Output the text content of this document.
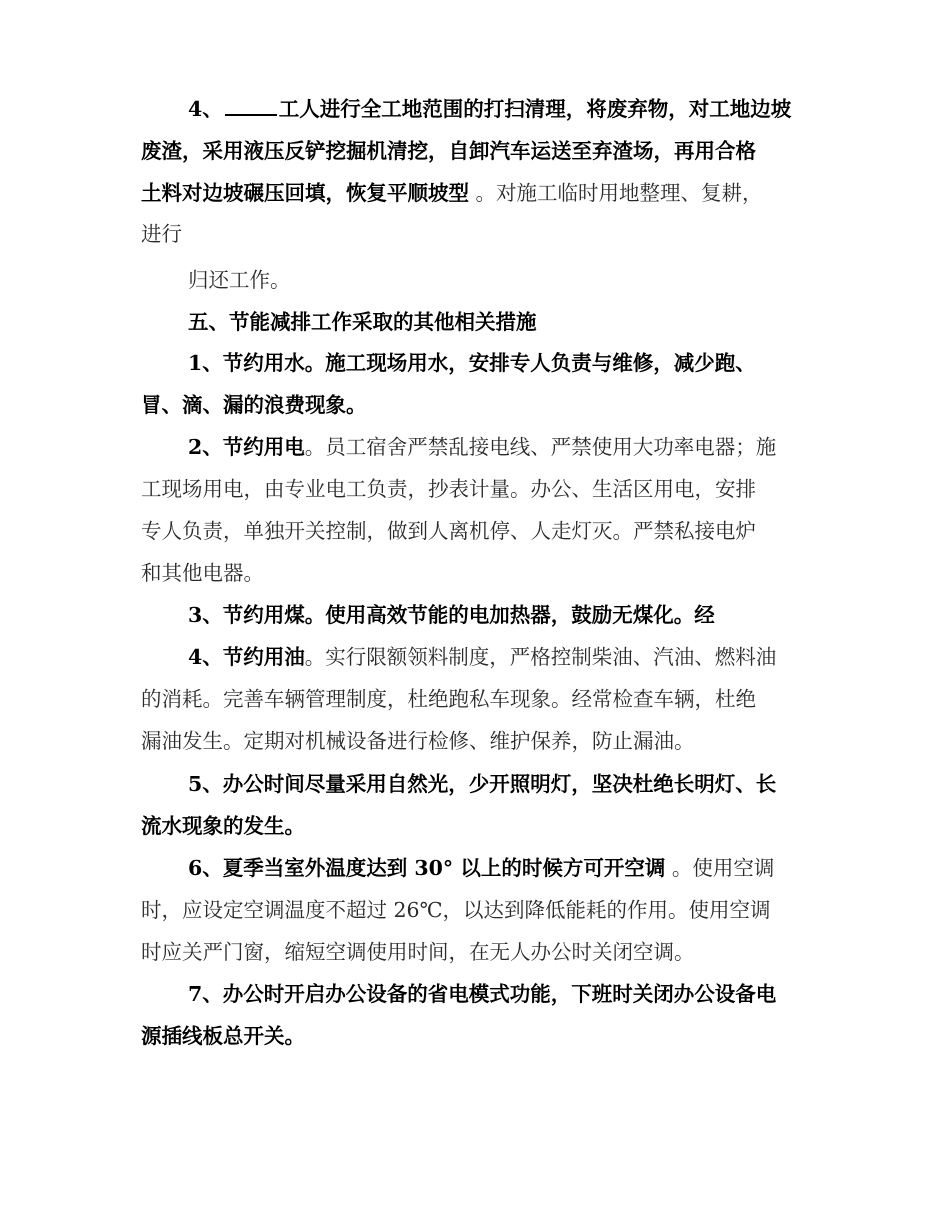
4、	工人进行全工地范围的打扫清理，将废弃物，对工地边坡
废渣，采用液压反铲挖掘机清挖，自卸汽车运送至弃渣场，再用合格
土料对边坡碾压回填，恢复平顺坡型 。对施工临时用地整理、复耕，
进行
归还工作。
五、节能减排工作采取的其他相关措施
1、节约用水。施工现场用水，安排专人负责与维修，减少跑、
冒、滴、漏的浪费现象。
2、节约用电。员工宿舍严禁乱接电线、严禁使用大功率电器；施
工现场用电，由专业电工负责，抄表计量。办公、生活区用电，安排
专人负责，单独开关控制，做到人离机停、人走灯灭。严禁私接电炉
和其他电器。
3、节约用煤。使用高效节能的电加热器，鼓励无煤化。经
4、节约用油。实行限额领料制度，严格控制柴油、汽油、燃料油
的消耗。完善车辆管理制度，杜绝跑私车现象。经常检查车辆，杜绝
漏油发生。定期对机械设备进行检修、维护保养，防止漏油。
5、办公时间尽量采用自然光，少开照明灯，坚决杜绝长明灯、长
流水现象的发生。
6、夏季当室外温度达到 30° 以上的时候方可开空调 。使用空调
时，应设定空调温度不超过 26℃，以达到降低能耗的作用。使用空调
时应关严门窗，缩短空调使用时间，在无人办公时关闭空调。
7、办公时开启办公设备的省电模式功能，下班时关闭办公设备电
源插线板总开关。
